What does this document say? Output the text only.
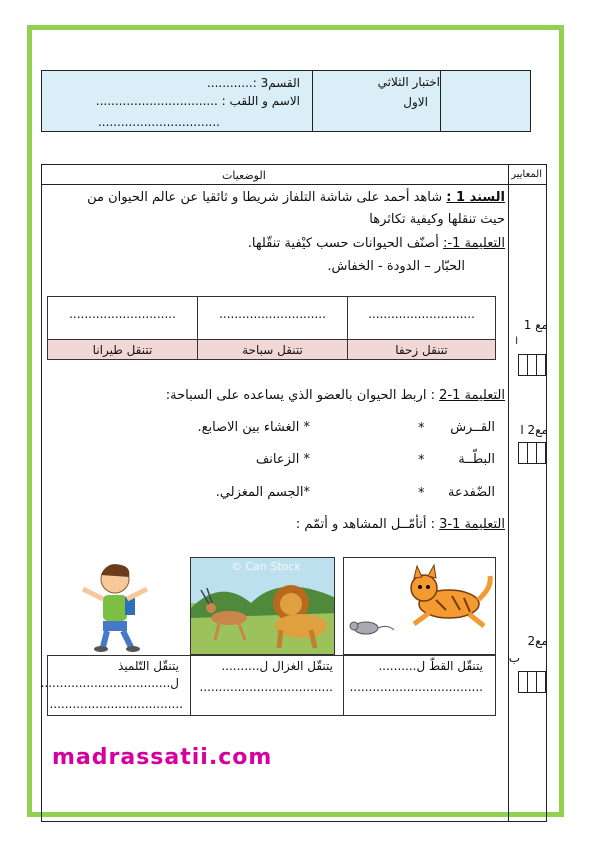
اختبار الثلاثي
الاول
القسم3 :............
الاسم و اللقب : ................................
................................
المعايير
الوضعيات
السند 1 : شاهد أحمد على شاشة التلفاز شريطا و ثائقيا عن عالم الحيوان من
حيث تنقلها وكيفية تكاثرها
التعليمة 1-: أصنّف الحيوانات حسب كيْفية تنقّلها.
الحبّار – الدودة - الخفاش.
............................
............................
............................
تتنقل زحفا
تتنقل سباحة
تتنقل طيرانا
التعليمة 1-2 : اربط الحيوان بالعضو الذي يساعده على السباحة:
القــرش
البطّــة
الضّفدعة
*
*
*
* الغشاء بين الاصابع.
* الزعانف
*الجسم المغزلي.
التعليمة 1-3 : أتأمّــل المشاهد و أتمّم :
© Can Stock
يتنقّل القطّ ل..........
...................................
يتنقّل الغزال ل..........
...................................
يتنقّل التّلميذ
ل..................................
...................................
مع 1
ا
مع2 ا
مع2
ب
madrassatii.com
